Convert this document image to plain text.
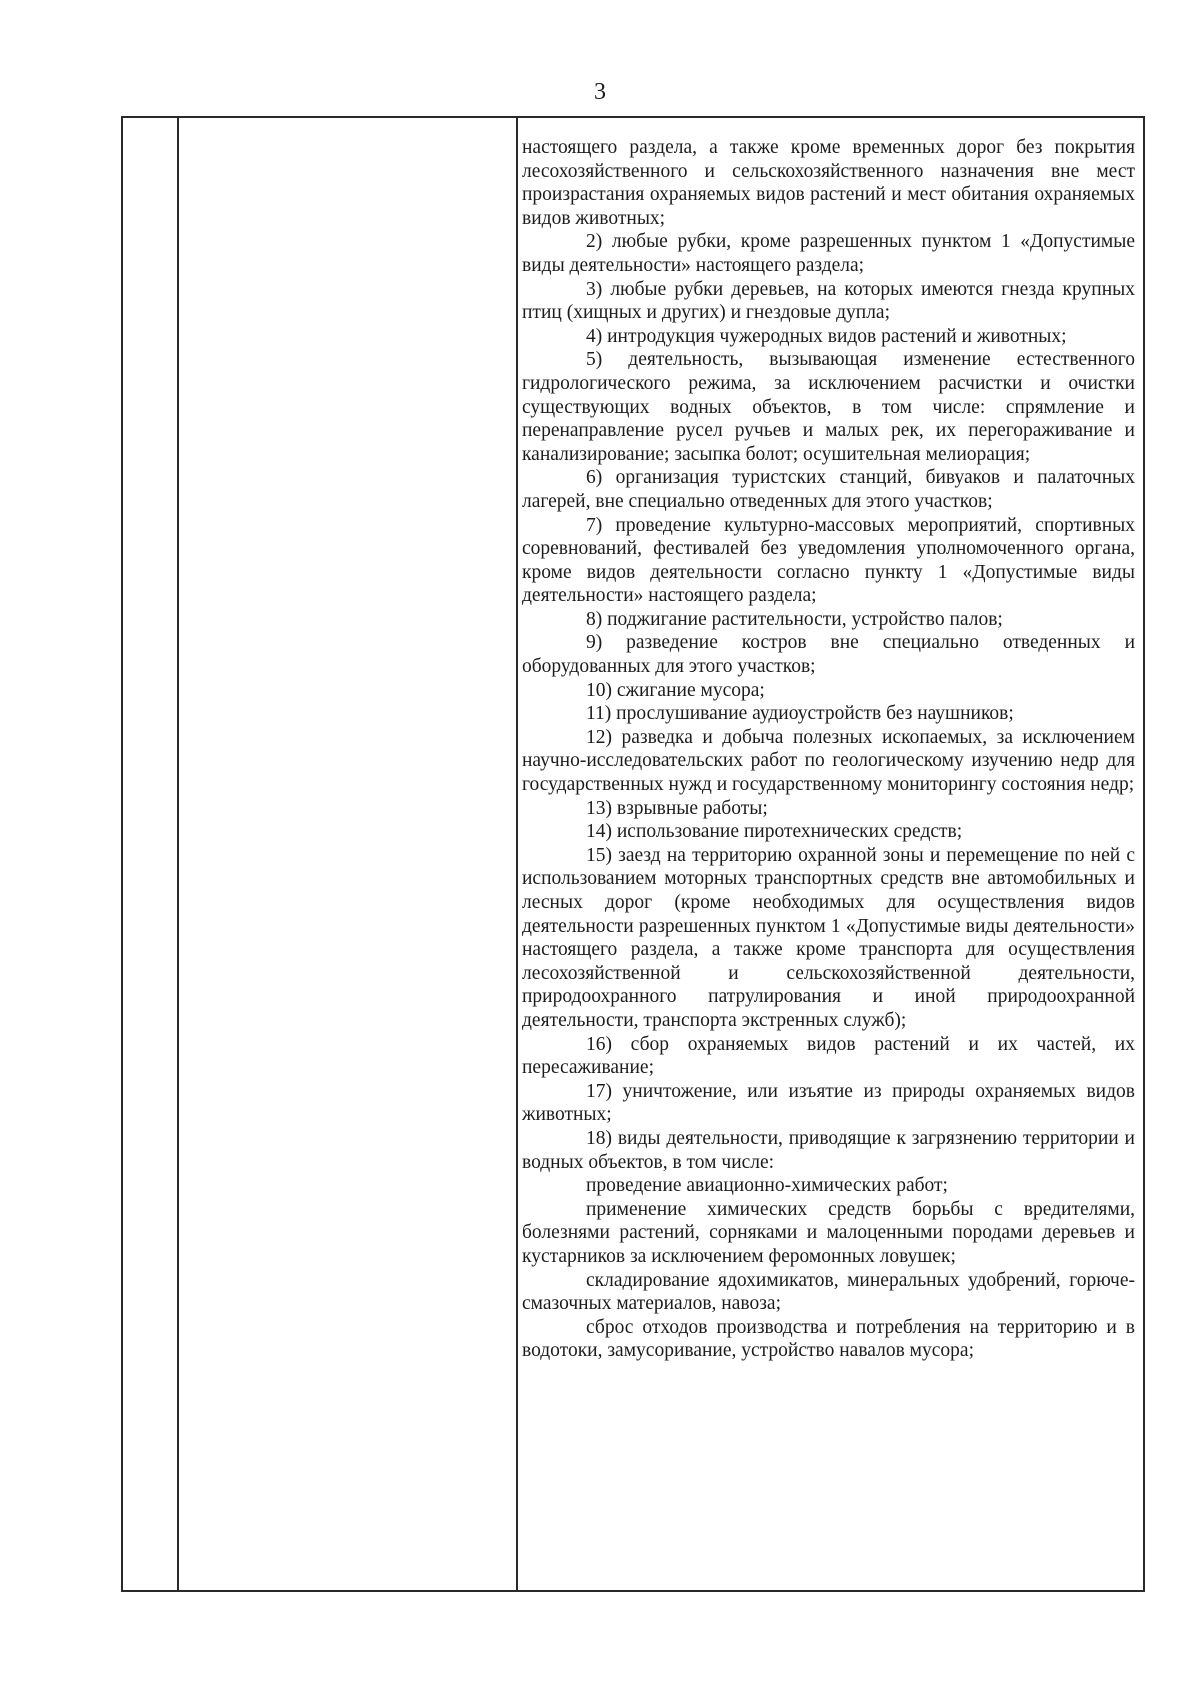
3

настоящего раздела, а также кроме временных дорог без покрытия лесохозяйственного и сельскохозяйственного назначения вне мест произрастания охраняемых видов растений и мест обитания охраняемых видов животных;

2) любые рубки, кроме разрешенных пунктом 1 «Допустимые виды деятельности» настоящего раздела;

3) любые рубки деревьев, на которых имеются гнезда крупных птиц (хищных и других) и гнездовые дупла;

4) интродукция чужеродных видов растений и животных;

5) деятельность, вызывающая изменение естественного гидрологического режима, за исключением расчистки и очистки существующих водных объектов, в том числе: спрямление и перенаправление русел ручьев и малых рек, их перегораживание и канализирование; засыпка болот; осушительная мелиорация;

6) организация туристских станций, бивуаков и палаточных лагерей, вне специально отведенных для этого участков;

7) проведение культурно-массовых мероприятий, спортивных соревнований, фестивалей без уведомления уполномоченного органа, кроме видов деятельности согласно пункту 1 «Допустимые виды деятельности» настоящего раздела;

8) поджигание растительности, устройство палов;

9) разведение костров вне специально отведенных и оборудованных для этого участков;

10) сжигание мусора;

11) прослушивание аудиоустройств без наушников;

12) разведка и добыча полезных ископаемых, за исключением научно-исследовательских работ по геологическому изучению недр для государственных нужд и государственному мониторингу состояния недр;

13) взрывные работы;

14) использование пиротехнических средств;

15) заезд на территорию охранной зоны и перемещение по ней с использованием моторных транспортных средств вне автомобильных и лесных дорог (кроме необходимых для осуществления видов деятельности разрешенных пунктом 1 «Допустимые виды деятельности» настоящего раздела, а также кроме транспорта для осуществления лесохозяйственной и сельскохозяйственной деятельности, природоохранного патрулирования и иной природоохранной деятельности, транспорта экстренных служб);

16) сбор охраняемых видов растений и их частей, их пересаживание;

17) уничтожение, или изъятие из природы охраняемых видов животных;

18) виды деятельности, приводящие к загрязнению территории и водных объектов, в том числе:

проведение авиационно-химических работ;

применение химических средств борьбы с вредителями, болезнями растений, сорняками и малоценными породами деревьев и кустарников за исключением феромонных ловушек;

складирование ядохимикатов, минеральных удобрений, горюче-смазочных материалов, навоза;

сброс отходов производства и потребления на территорию и в водотоки, замусоривание, устройство навалов мусора;
